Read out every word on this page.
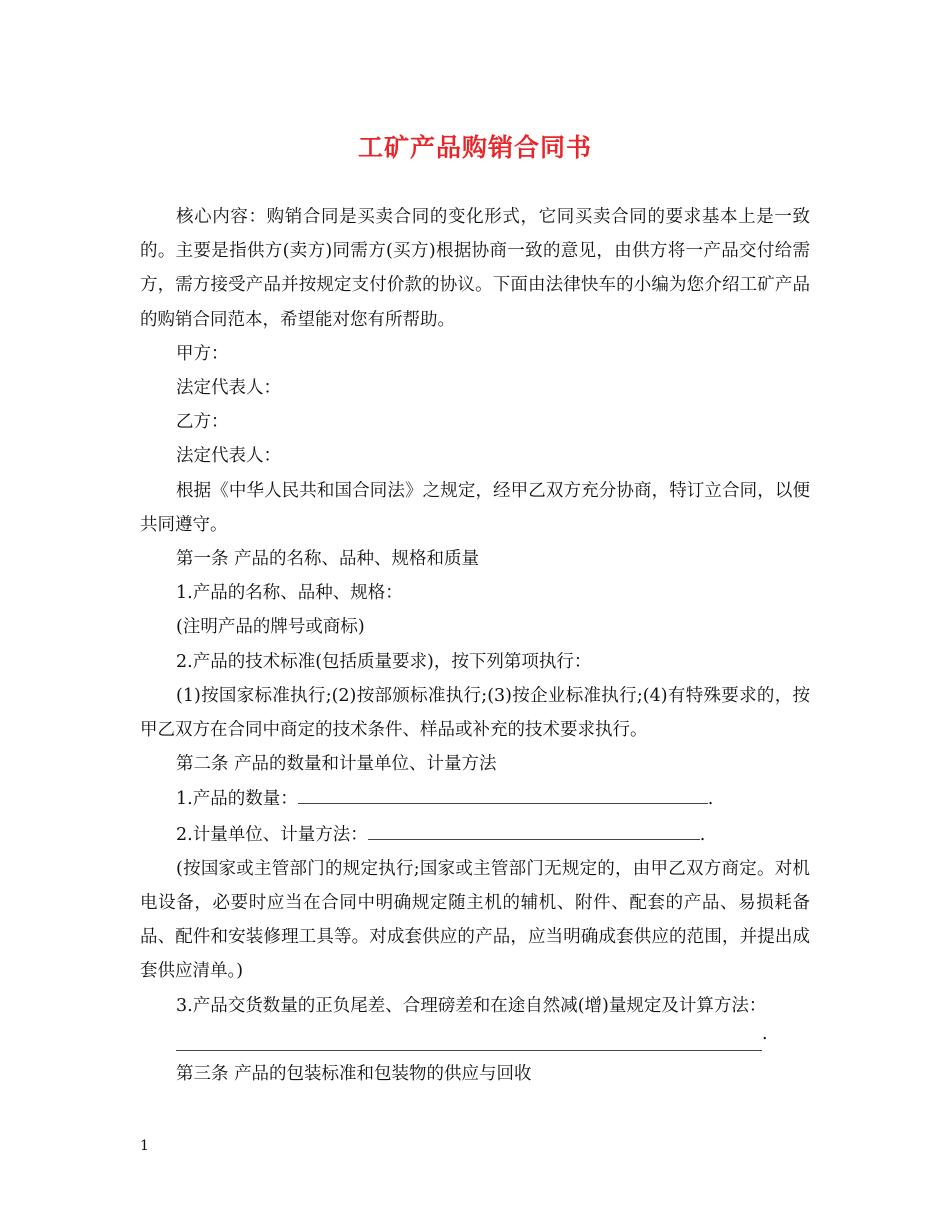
工矿产品购销合同书

核心内容：购销合同是买卖合同的变化形式，它同买卖合同的要求基本上是一致的。主要是指供方(卖方)同需方(买方)根据协商一致的意见，由供方将一产品交付给需方，需方接受产品并按规定支付价款的协议。下面由法律快车的小编为您介绍工矿产品的购销合同范本，希望能对您有所帮助。

甲方：

法定代表人：

乙方：

法定代表人：

根据《中华人民共和国合同法》之规定，经甲乙双方充分协商，特订立合同，以便共同遵守。

第一条 产品的名称、品种、规格和质量

1.产品的名称、品种、规格：

(注明产品的牌号或商标)

2.产品的技术标准(包括质量要求)，按下列第项执行：

(1)按国家标准执行;(2)按部颁标准执行;(3)按企业标准执行;(4)有特殊要求的，按甲乙双方在合同中商定的技术条件、样品或补充的技术要求执行。

第二条 产品的数量和计量单位、计量方法

1.产品的数量：	.

2.计量单位、计量方法：	.

(按国家或主管部门的规定执行;国家或主管部门无规定的，由甲乙双方商定。对机电设备，必要时应当在合同中明确规定随主机的辅机、附件、配套的产品、易损耗备品、配件和安装修理工具等。对成套供应的产品，应当明确成套供应的范围，并提出成套供应清单。)

3.产品交货数量的正负尾差、合理磅差和在途自然减(增)量规定及计算方法：

.

第三条 产品的包装标准和包装物的供应与回收

1
